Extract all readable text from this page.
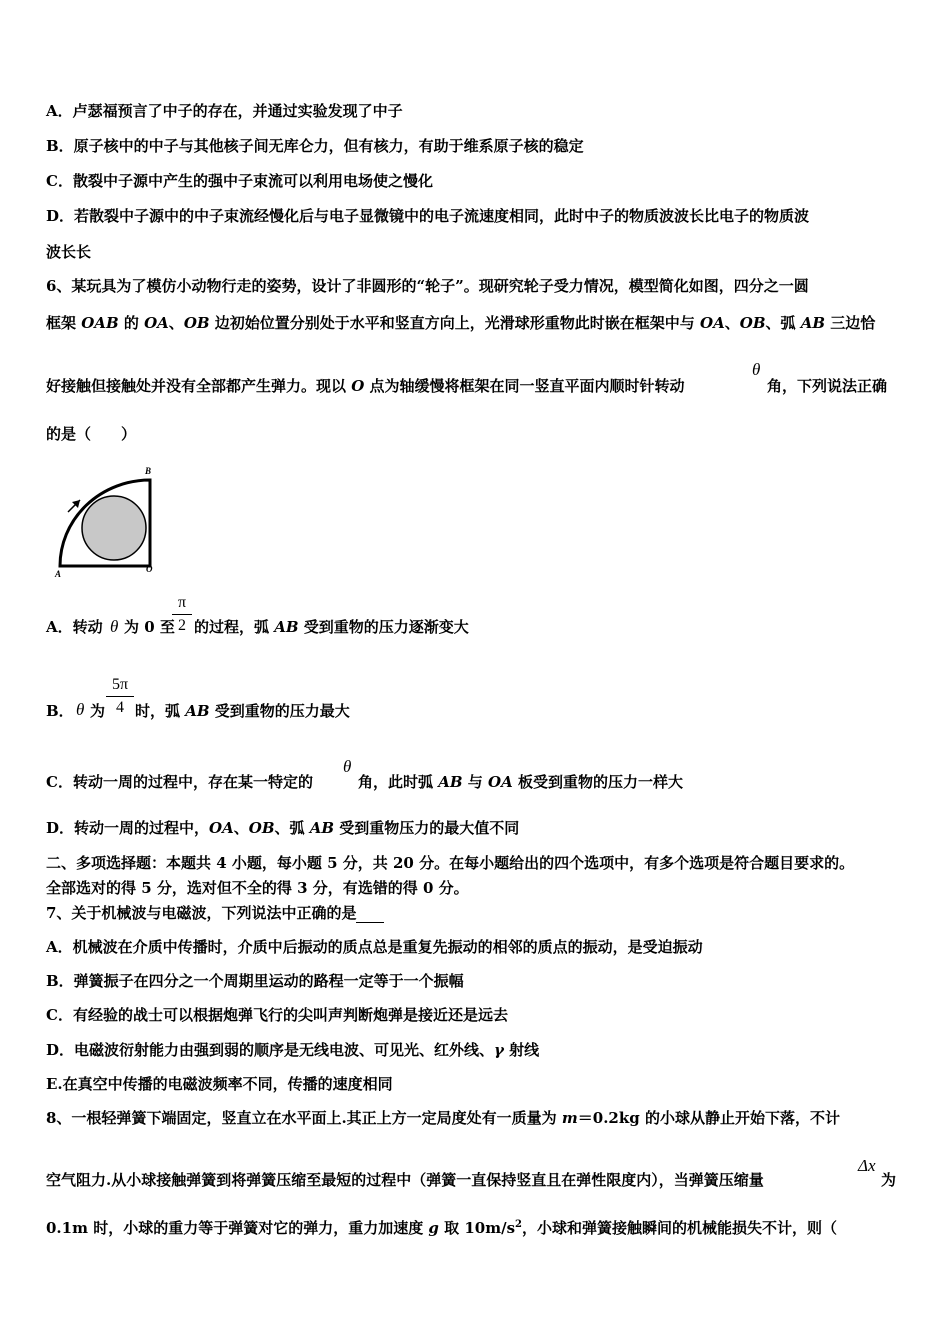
A．卢瑟福预言了中子的存在，并通过实验发现了中子
B．原子核中的中子与其他核子间无库仑力，但有核力，有助于维系原子核的稳定
C．散裂中子源中产生的强中子束流可以利用电场使之慢化
D．若散裂中子源中的中子束流经慢化后与电子显微镜中的电子流速度相同，此时中子的物质波波长比电子的物质波
波长长
6、某玩具为了模仿小动物行走的姿势，设计了非圆形的“轮子”。现研究轮子受力情况，模型简化如图，四分之一圆
框架 OAB 的 OA、OB 边初始位置分别处于水平和竖直方向上，光滑球形重物此时嵌在框架中与 OA、OB、弧 AB 三边恰
好接触但接触处并没有全部都产生弹力。现以 O 点为轴缓慢将框架在同一竖直平面内顺时针转动
θ
角，下列说法正确
的是（　　）
B
A	O
A．转动 θ 为 0 至
π
2 的过程，弧 AB 受到重物的压力逐渐变大
B． θ 为
5π
4 时，弧 AB 受到重物的压力最大
C．转动一周的过程中，存在某一特定的
θ
角，此时弧 AB 与 OA 板受到重物的压力一样大
D．转动一周的过程中，OA、OB、弧 AB 受到重物压力的最大值不同
二、多项选择题：本题共 4 小题，每小题 5 分，共 20 分。在每小题给出的四个选项中，有多个选项是符合题目要求的。
全部选对的得 5 分，选对但不全的得 3 分，有选错的得 0 分。
7、关于机械波与电磁波，下列说法中正确的是
A．机械波在介质中传播时，介质中后振动的质点总是重复先振动的相邻的质点的振动，是受迫振动
B．弹簧振子在四分之一个周期里运动的路程一定等于一个振幅
C．有经验的战士可以根据炮弹飞行的尖叫声判断炮弹是接近还是远去
D．电磁波衍射能力由强到弱的顺序是无线电波、可见光、红外线、γ 射线
E.在真空中传播的电磁波频率不同，传播的速度相同
8、一根轻弹簧下端固定，竖直立在水平面上.其正上方一定局度处有一质量为 m＝0.2kg 的小球从静止开始下落，不计
空气阻力.从小球接触弹簧到将弹簧压缩至最短的过程中（弹簧一直保持竖直且在弹性限度内），当弹簧压缩量
Δx
为
0.1m 时，小球的重力等于弹簧对它的弹力，重力加速度 g 取 $10m/s^2$，小球和弹簧接触瞬间的机械能损失不计，则（
